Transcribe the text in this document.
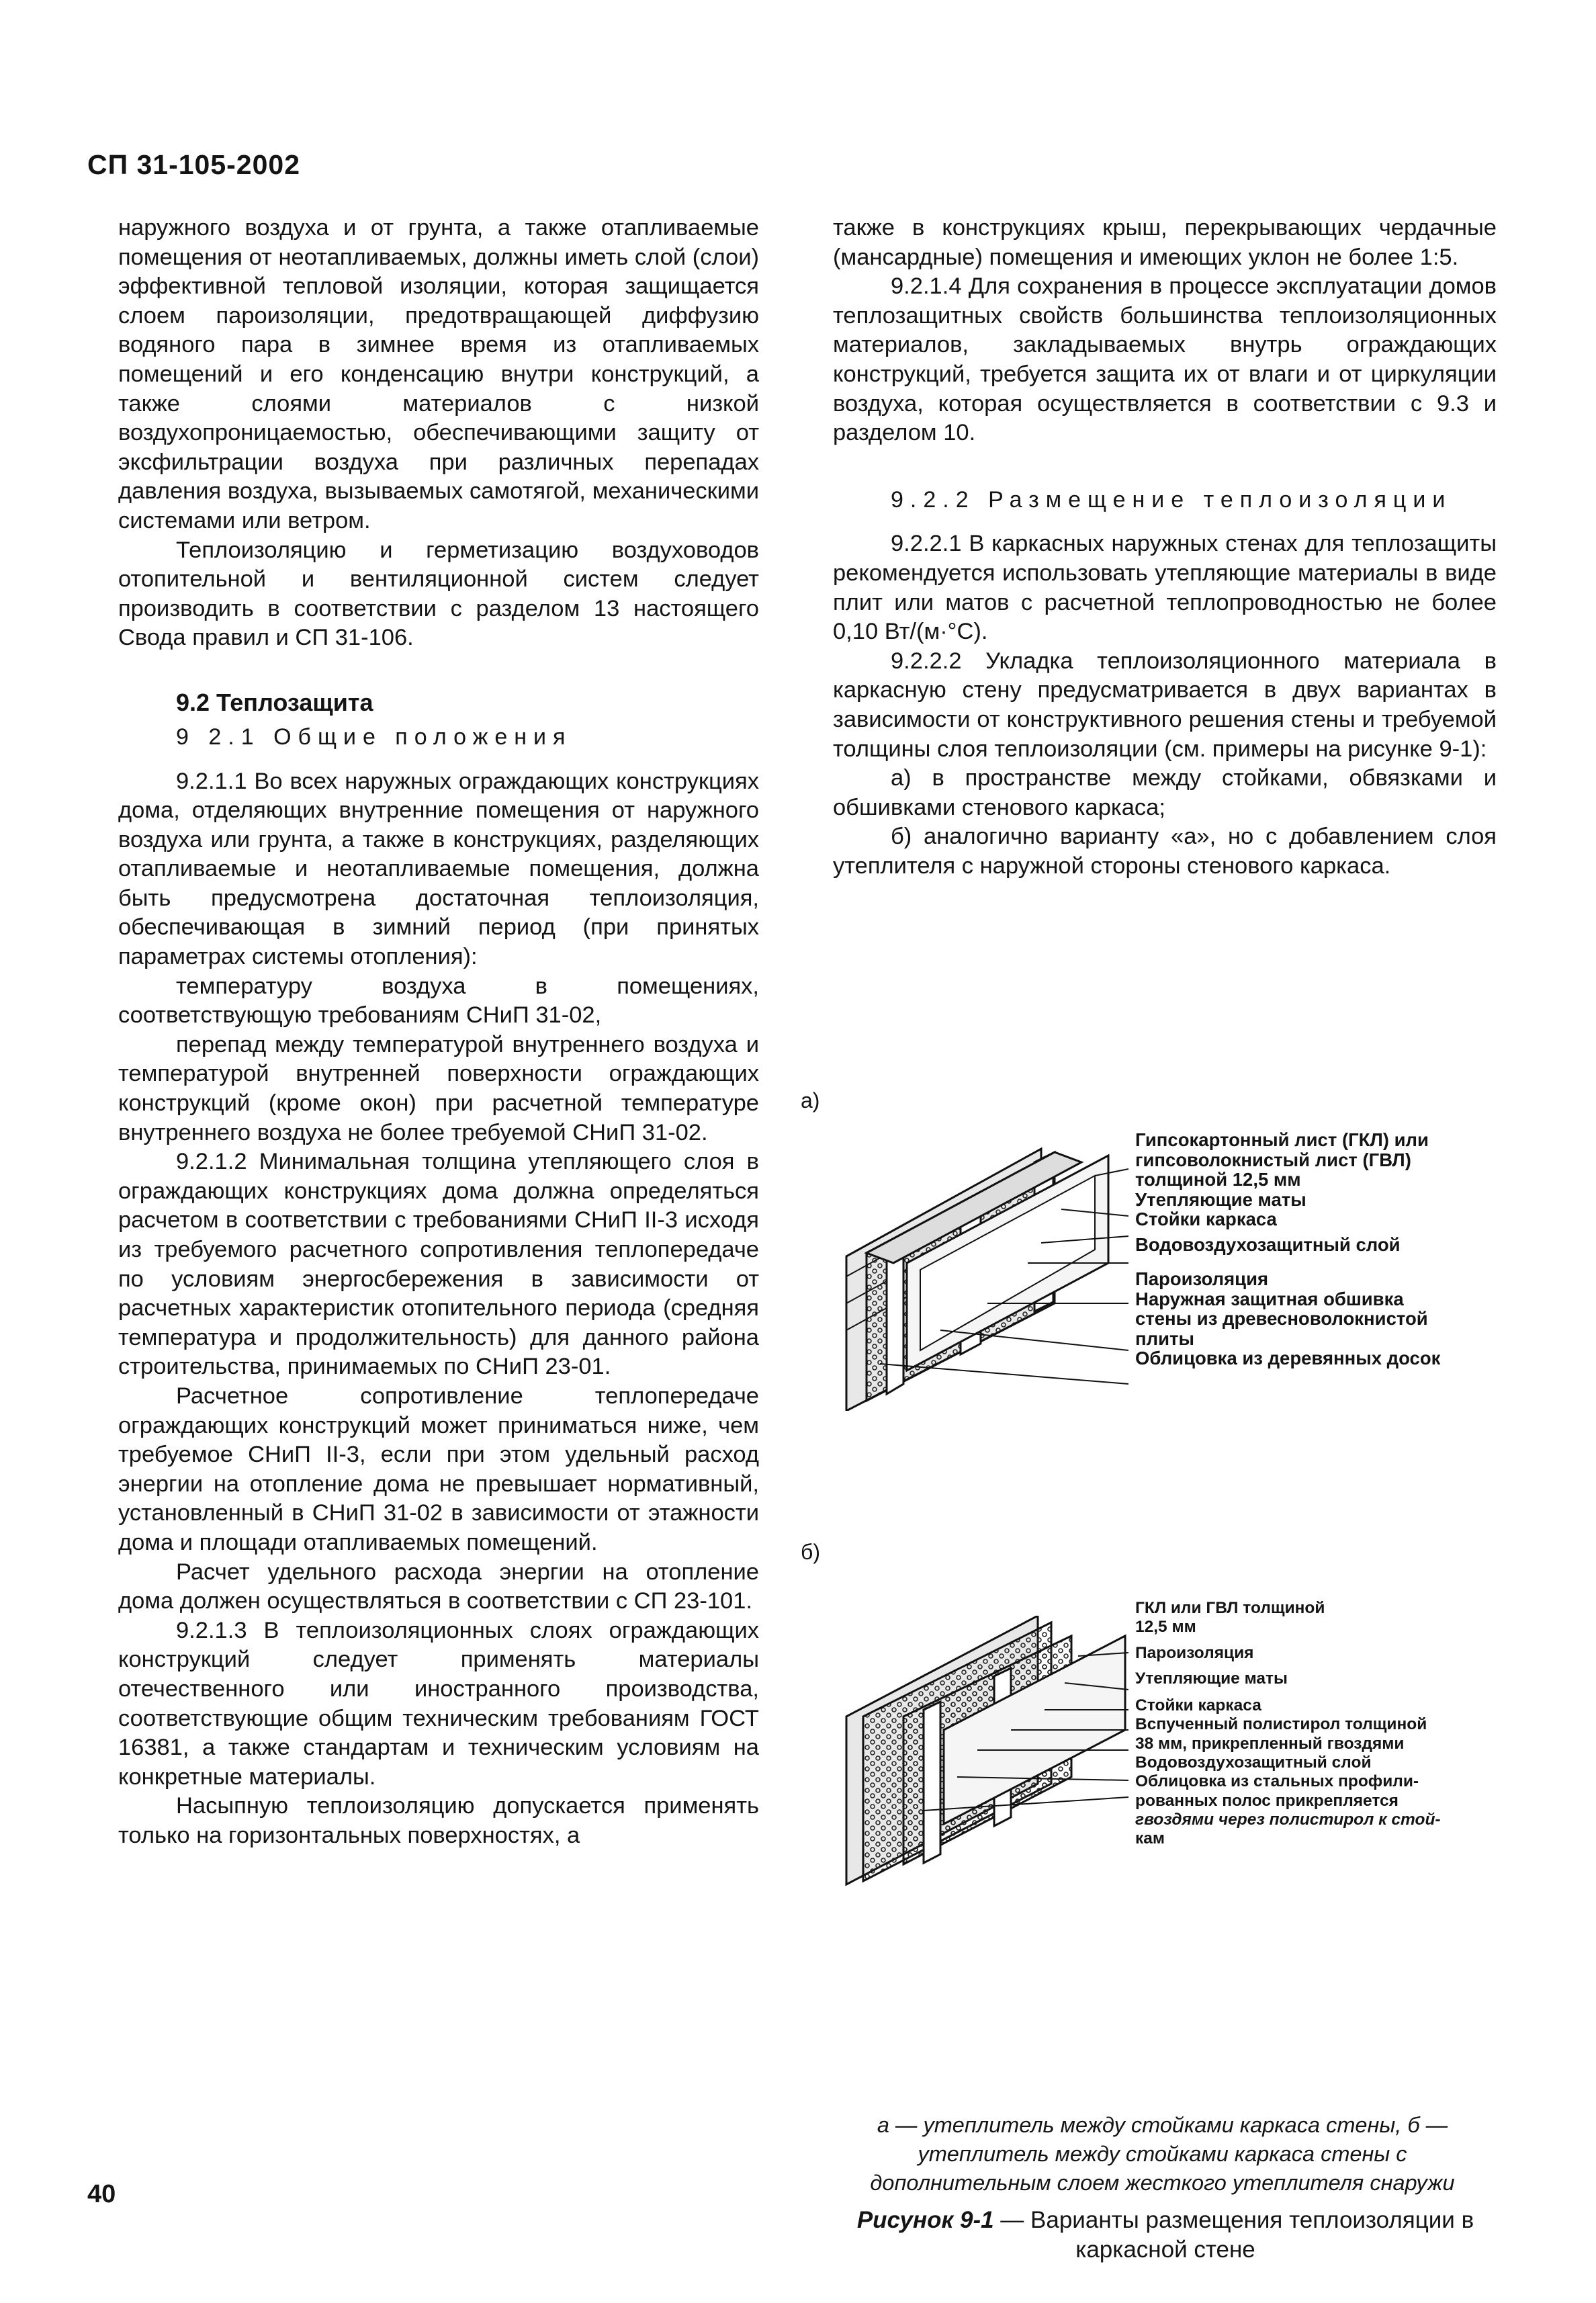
СП 31-105-2002

наружного воздуха и от грунта, а также отапливаемые помещения от неотапливаемых, должны иметь слой (слои) эффективной тепловой изоляции, которая защищается слоем пароизоляции, предотвращающей диффузию водяного пара в зимнее время из отапливаемых помещений и его конденсацию внутри конструкций, а также слоями материалов с низкой воздухопроницаемостью, обеспечивающими защиту от эксфильтрации воздуха при различных перепадах давления воздуха, вызываемых самотягой, механическими системами или ветром.

Теплоизоляцию и герметизацию воздуховодов отопительной и вентиляционной систем следует производить в соответствии с разделом 13 настоящего Свода правил и СП 31-106.

9.2 Теплозащита
9 2.1 Общие положения

9.2.1.1 Во всех наружных ограждающих конструкциях дома, отделяющих внутренние помещения от наружного воздуха или грунта, а также в конструкциях, разделяющих отапливаемые и неотапливаемые помещения, должна быть предусмотрена достаточная теплоизоляция, обеспечивающая в зимний период (при принятых параметрах системы отопления):

температуру воздуха в помещениях, соответствующую требованиям СНиП 31-02,

перепад между температурой внутреннего воздуха и температурой внутренней поверхности ограждающих конструкций (кроме окон) при расчетной температуре внутреннего воздуха не более требуемой СНиП 31-02.

9.2.1.2 Минимальная толщина утепляющего слоя в ограждающих конструкциях дома должна определяться расчетом в соответствии с требованиями СНиП II-3 исходя из требуемого расчетного сопротивления теплопередаче по условиям энергосбережения в зависимости от расчетных характеристик отопительного периода (средняя температура и продолжительность) для данного района строительства, принимаемых по СНиП 23-01.

Расчетное сопротивление теплопередаче ограждающих конструкций может приниматься ниже, чем требуемое СНиП II-3, если при этом удельный расход энергии на отопление дома не превышает нормативный, установленный в СНиП 31-02 в зависимости от этажности дома и площади отапливаемых помещений.

Расчет удельного расхода энергии на отопление дома должен осуществляться в соответствии с СП 23-101.

9.2.1.3 В теплоизоляционных слоях ограждающих конструкций следует применять материалы отечественного или иностранного производства, соответствующие общим техническим требованиям ГОСТ 16381, а также стандартам и техническим условиям на конкретные материалы.

Насыпную теплоизоляцию допускается применять только на горизонтальных поверхностях, а

также в конструкциях крыш, перекрывающих чердачные (мансардные) помещения и имеющих уклон не более 1:5.

9.2.1.4 Для сохранения в процессе эксплуатации домов теплозащитных свойств большинства теплоизоляционных материалов, закладываемых внутрь ограждающих конструкций, требуется защита их от влаги и от циркуляции воздуха, которая осуществляется в соответствии с 9.3 и разделом 10.

9.2.2 Размещение теплоизоляции

9.2.2.1 В каркасных наружных стенах для теплозащиты рекомендуется использовать утепляющие материалы в виде плит или матов с расчетной теплопроводностью не более 0,10 Вт/(м·°С).

9.2.2.2 Укладка теплоизоляционного материала в каркасную стену предусматривается в двух вариантах в зависимости от конструктивного решения стены и требуемой толщины слоя теплоизоляции (см. примеры на рисунке 9-1):

а) в пространстве между стойками, обвязками и обшивками стенового каркаса;

б) аналогично варианту «а», но с добавлением слоя утеплителя с наружной стороны стенового каркаса.

а)
Гипсокартонный лист (ГКЛ) или
гипсоволокнистый лист (ГВЛ)
толщиной 12,5 мм
Утепляющие маты
Стойки каркаса
Водовоздухозащитный слой
Пароизоляция
Наружная защитная обшивка
стены из древесноволокнистой
плиты
Облицовка из деревянных досок
б)
ГКЛ или ГВЛ толщиной
12,5 мм
Пароизоляция
Утепляющие маты
Стойки каркаса
Вспученный полистирол толщиной
38 мм, прикрепленный гвоздями
Водовоздухозащитный слой
Облицовка из стальных профили-
рованных полос прикрепляется
гвоздями через полистирол к стой-
кам
а — утеплитель между стойками каркаса стены, б — утеплитель между стойками каркаса стены с дополнительным слоем жесткого утеплителя снаружи
Рисунок 9-1 — Варианты размещения теплоизоляции в каркасной стене
40
